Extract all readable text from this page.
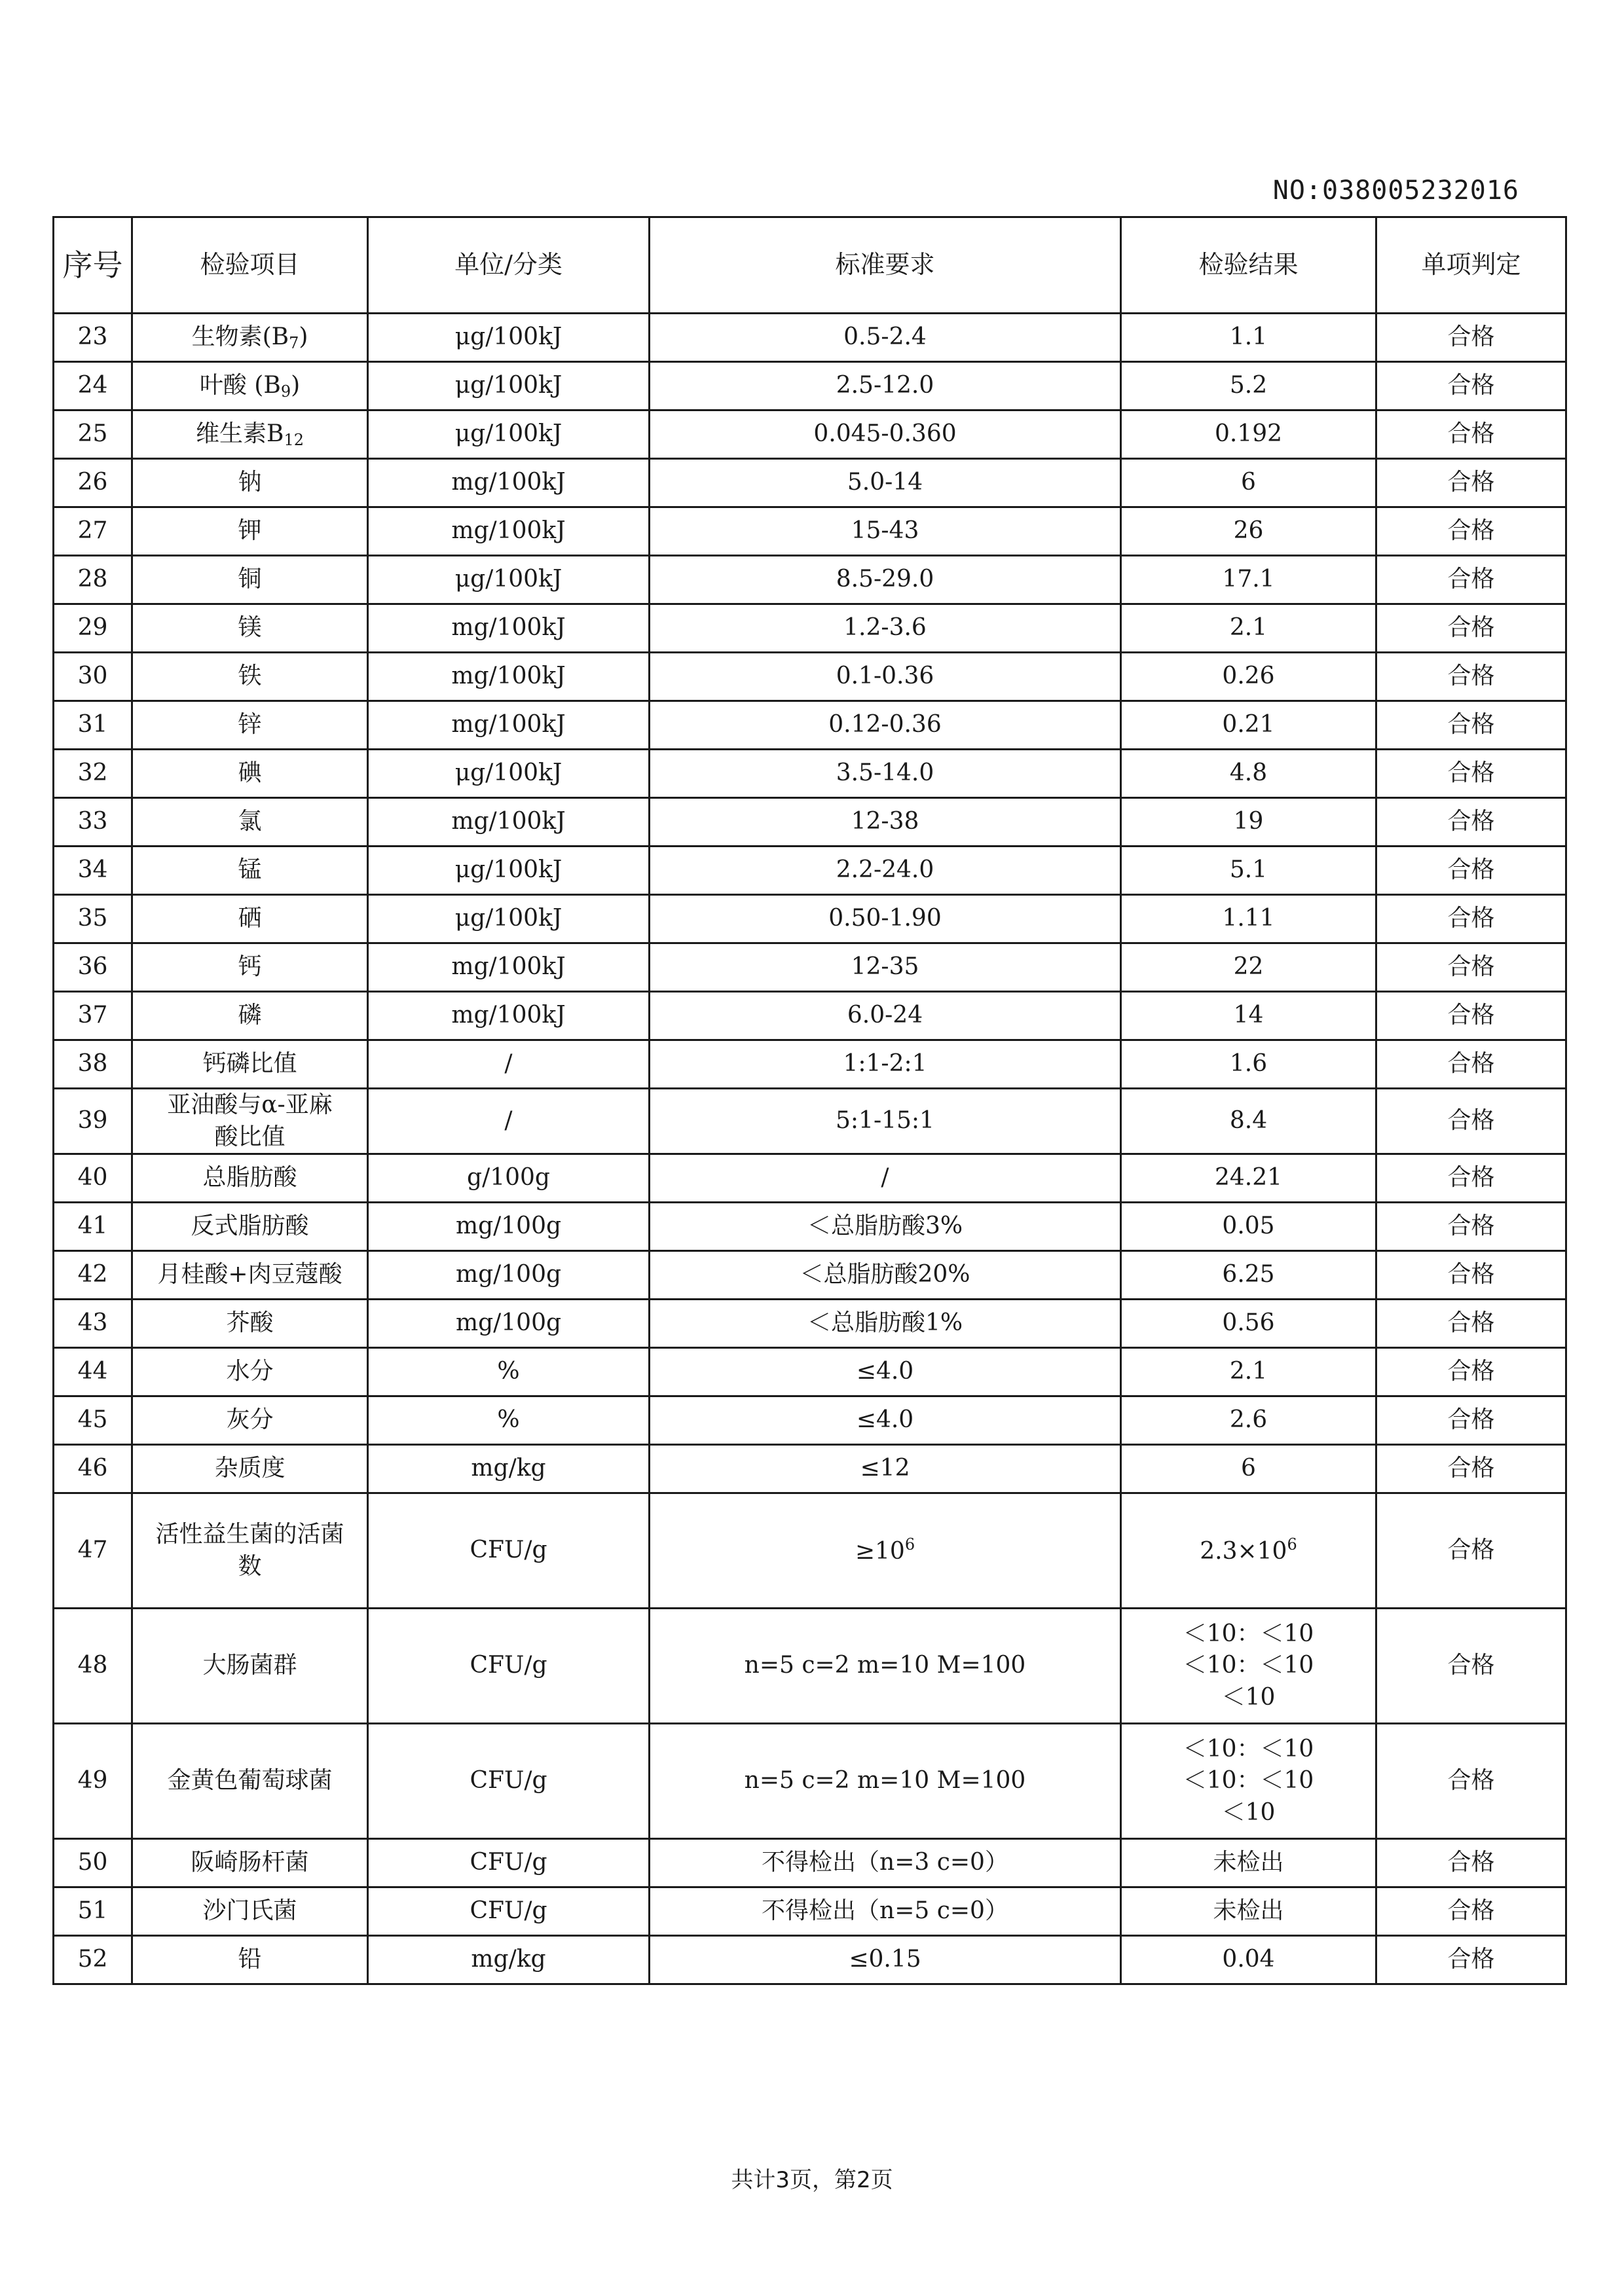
NO:038005232016
序号	检验项目	单位/分类	标准要求	检验结果	单项判定
23	生物素$(B_7)$	μg/100kJ	0.5-2.4	1.1	合格
24	叶酸 $(B_9)$	μg/100kJ	2.5-12.0	5.2	合格
25	维生素$B_{12}$	μg/100kJ	0.045-0.360	0.192	合格
26	钠	mg/100kJ	5.0-14	6	合格
27	钾	mg/100kJ	15-43	26	合格
28	铜	μg/100kJ	8.5-29.0	17.1	合格
29	镁	mg/100kJ	1.2-3.6	2.1	合格
30	铁	mg/100kJ	0.1-0.36	0.26	合格
31	锌	mg/100kJ	0.12-0.36	0.21	合格
32	碘	μg/100kJ	3.5-14.0	4.8	合格
33	氯	mg/100kJ	12-38	19	合格
34	锰	μg/100kJ	2.2-24.0	5.1	合格
35	硒	μg/100kJ	0.50-1.90	1.11	合格
36	钙	mg/100kJ	12-35	22	合格
37	磷	mg/100kJ	6.0-24	14	合格
38	钙磷比值	/	1:1-2:1	1.6	合格
39	亚油酸与α-亚麻
酸比值	/	5:1-15:1	8.4	合格
40	总脂肪酸	g/100g	/	24.21	合格
41	反式脂肪酸	mg/100g	＜总脂肪酸3%	0.05	合格
42	月桂酸+肉豆蔻酸	mg/100g	＜总脂肪酸20%	6.25	合格
43	芥酸	mg/100g	＜总脂肪酸1%	0.56	合格
44	水分	%	≤4.0	2.1	合格
45	灰分	%	≤4.0	2.6	合格
46	杂质度	mg/kg	≤12	6	合格
47	活性益生菌的活菌
数	CFU/g	$\ge 10^6$	$2.3\times 10^6$	合格
48	大肠菌群	CFU/g	n=5 c=2 m=10 M=100	＜10：＜10
＜10：＜10
＜10	合格
49	金黄色葡萄球菌	CFU/g	n=5 c=2 m=10 M=100	＜10：＜10
＜10：＜10
＜10	合格
50	阪崎肠杆菌	CFU/g	不得检出（n=3 c=0）	未检出	合格
51	沙门氏菌	CFU/g	不得检出（n=5 c=0）	未检出	合格
52	铅	mg/kg	≤0.15	0.04	合格
共计3页，第2页
